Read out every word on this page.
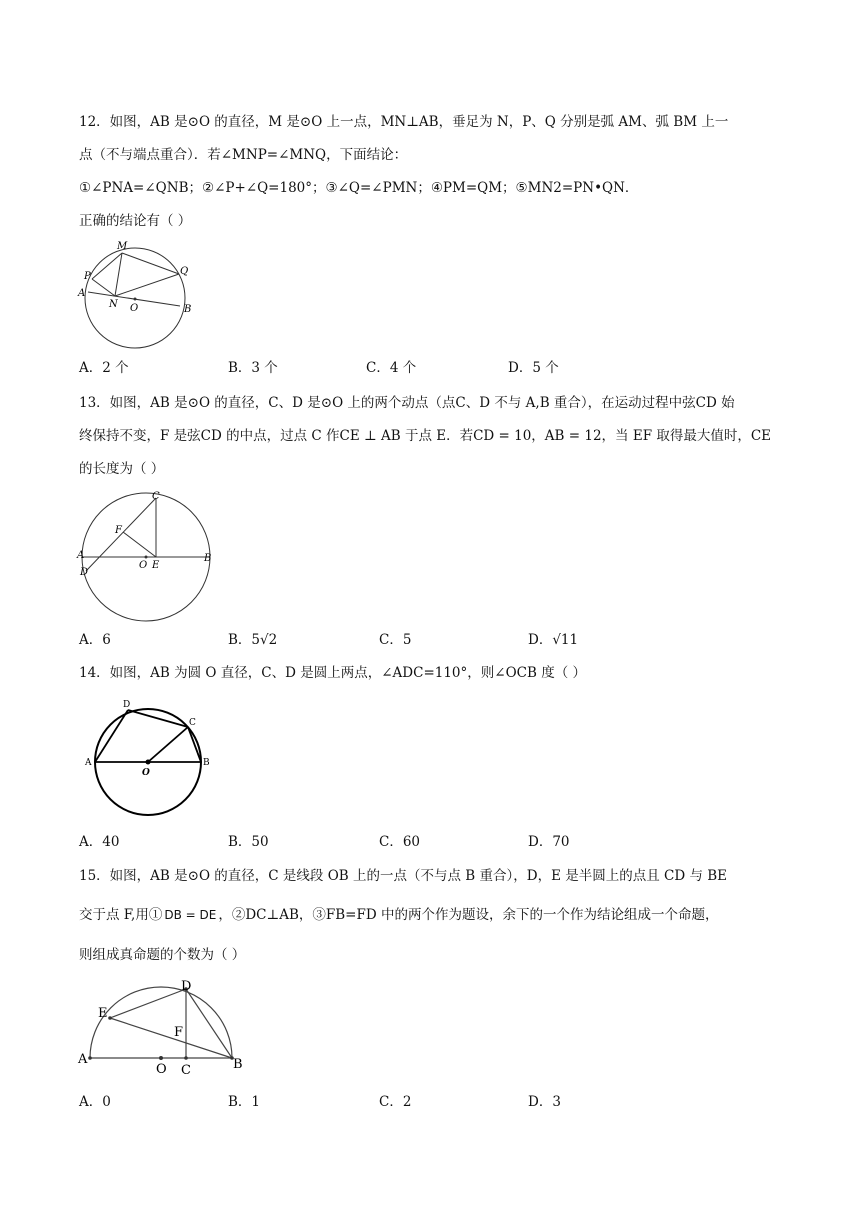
12．如图，AB 是⊙O 的直径，M 是⊙O 上一点，MN⊥AB，垂足为 N，P、Q 分别是弧 AM、弧 BM 上一
点（不与端点重合）．若∠MNP=∠MNQ，下面结论：
①∠PNA=∠QNB；②∠P+∠Q=180°；③∠Q=∠PMN；④PM=QM；⑤MN2=PN•QN．
正确的结论有（ ）
M
P	Q
A
N O	B
A．2 个	B．3 个	C．4 个	D．5 个
13．如图，AB 是⊙O 的直径，C、D 是⊙O 上的两个动点（点C、D 不与 A,B 重合），在运动过程中弦CD 始
终保持不变，F 是弦CD 的中点，过点 C 作CE ⊥ AB 于点 E．若CD = 10，AB = 12，当 EF 取得最大值时，CE
的长度为（ ）
C
F
A
D
O E
B
A．6	B．5√2	C．5	D．√11
14．如图，AB 为圆 O 直径，C、D 是圆上两点，∠ADC=110°，则∠OCB 度（ ）
D
C
A
O
B
A．40	B．50	C．60	D．70
15．如图，AB 是⊙O 的直径，C 是线段 OB 上的一点（不与点 B 重合），D，E 是半圆上的点且 CD 与 BE
交于点 F,用① DB = DE ，②DC⊥AB，③FB=FD 中的两个作为题设，余下的一个作为结论组成一个命题，
则组成真命题的个数为（ ）
D
E
F
A
O C	B
A．0	B．1	C．2	D．3
